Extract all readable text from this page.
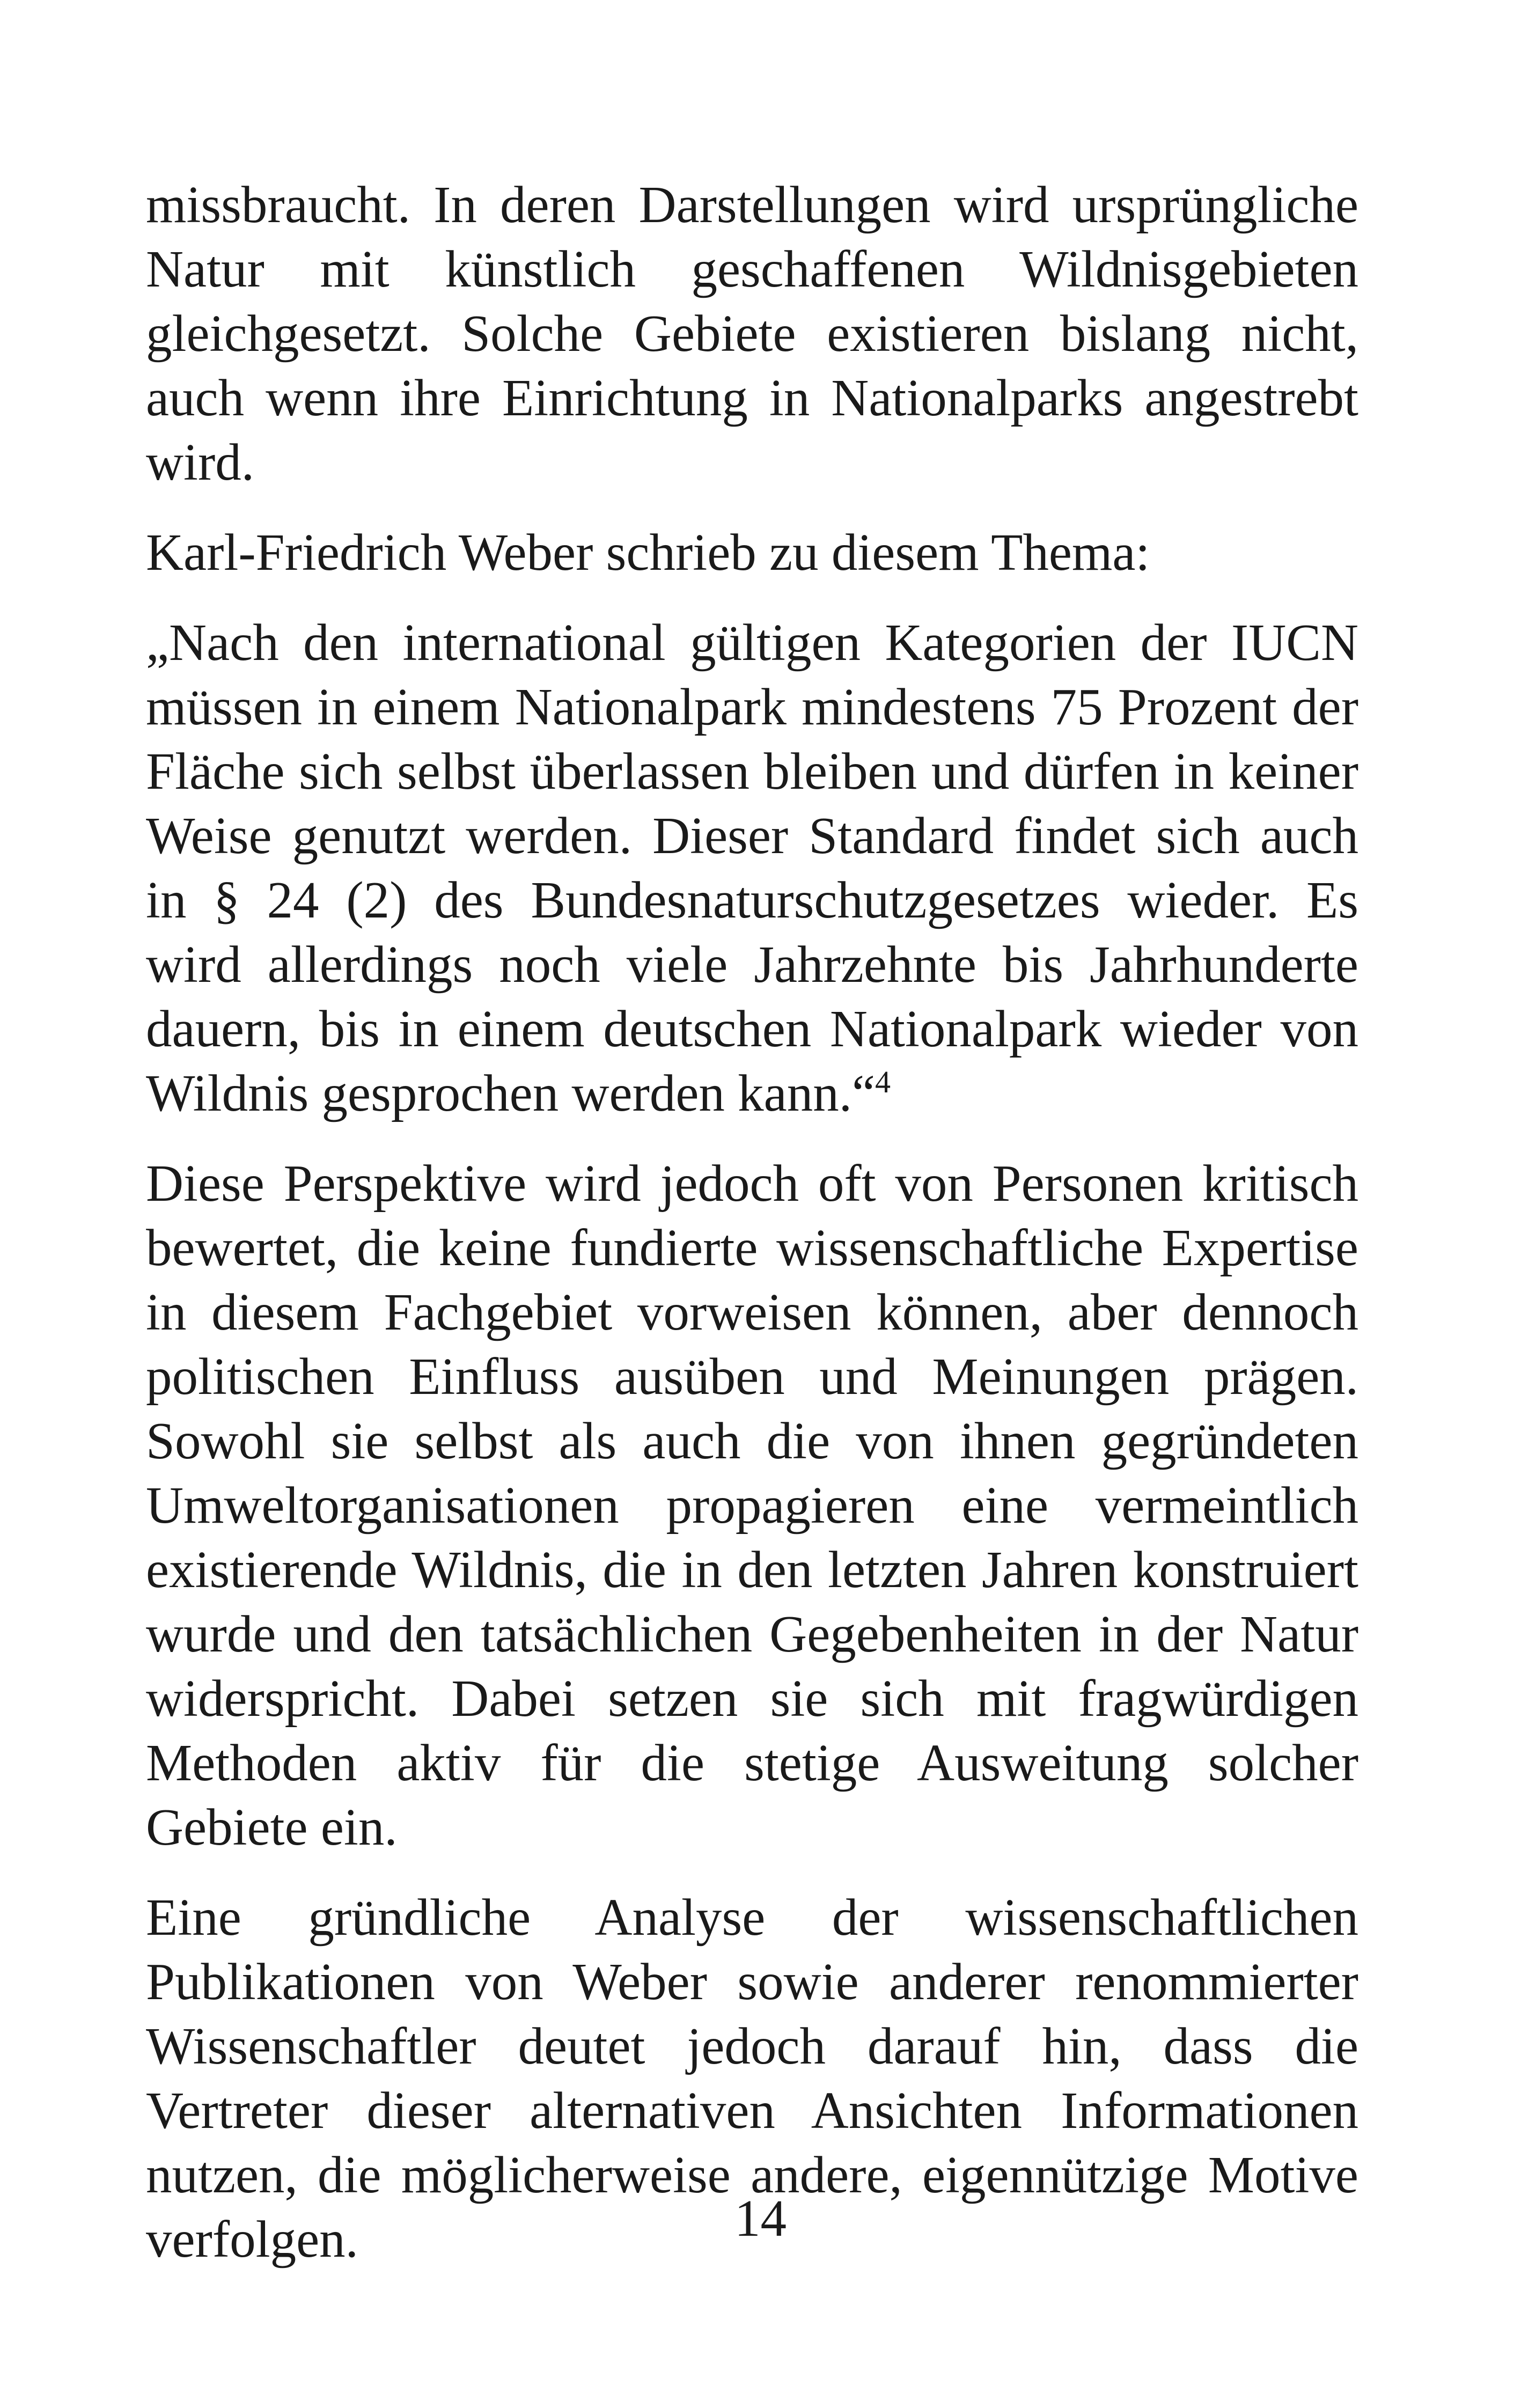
missbraucht. In deren Darstellungen wird ursprüngliche Natur mit künstlich geschaffenen Wildnisgebieten gleichgesetzt. Solche Gebiete existieren bislang nicht, auch wenn ihre Einrichtung in Nationalparks angestrebt wird.

Karl-Friedrich Weber schrieb zu diesem Thema:

„Nach den international gültigen Kategorien der IUCN müssen in einem Nationalpark mindestens 75 Prozent der Fläche sich selbst überlassen bleiben und dürfen in keiner Weise genutzt werden. Dieser Standard findet sich auch in § 24 (2) des Bundesnaturschutzgesetzes wieder. Es wird allerdings noch viele Jahrzehnte bis Jahrhunderte dauern, bis in einem deutschen Nationalpark wieder von Wildnis gesprochen werden kann.“$^4$

Diese Perspektive wird jedoch oft von Personen kritisch bewertet, die keine fundierte wissenschaftliche Expertise in diesem Fachgebiet vorweisen können, aber dennoch politischen Einfluss ausüben und Meinungen prägen. Sowohl sie selbst als auch die von ihnen gegründeten Umweltorganisationen propagieren eine vermeintlich existierende Wildnis, die in den letzten Jahren konstruiert wurde und den tatsächlichen Gegebenheiten in der Natur widerspricht. Dabei setzen sie sich mit fragwürdigen Methoden aktiv für die stetige Ausweitung solcher Gebiete ein.

Eine gründliche Analyse der wissenschaftlichen Publikationen von Weber sowie anderer renommierter Wissenschaftler deutet jedoch darauf hin, dass die Vertreter dieser alternativen Ansichten Informationen nutzen, die möglicherweise andere, eigennützige Motive verfolgen.	14
